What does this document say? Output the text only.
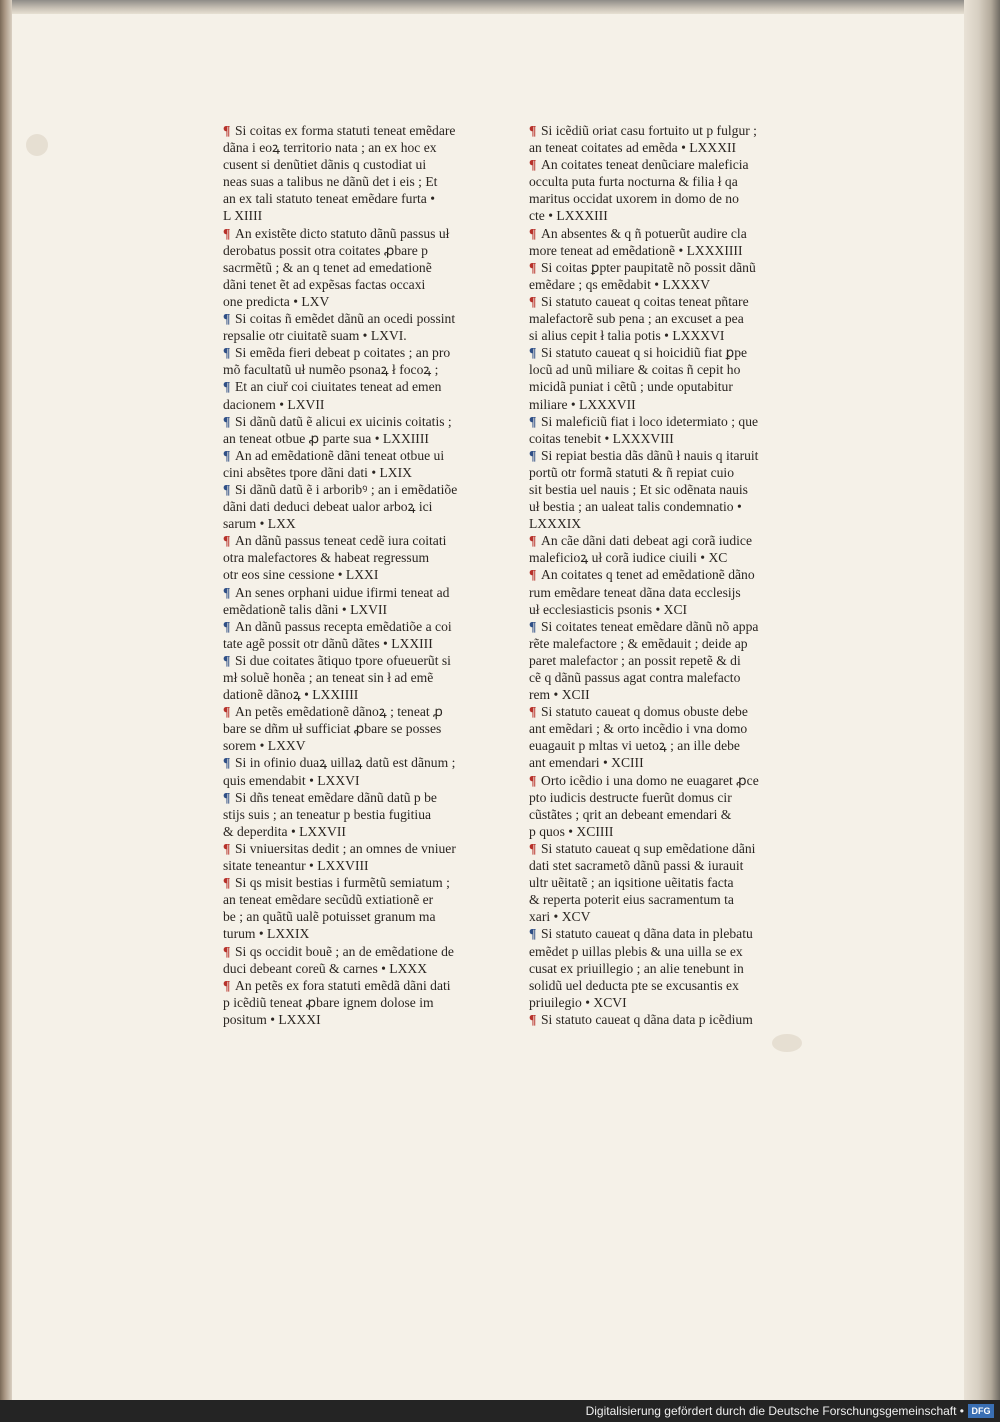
¶ Si coitas ex forma statuti teneat emẽdare
dãna i eoꝝ territorio nata ; an ex hoc ex
cusent si denũtiet dãnis q custodiat ui
neas suas a talibus ne dãnũ det i eis ; Et
an ex tali statuto teneat emẽdare furta •
L XIIII
¶ An existẽte dicto statuto dãnũ passus uł
derobatus possit otra coitates ꝓbare p
sacrmẽtũ ; & an q tenet ad emedationẽ
dãni tenet ẽt ad expẽsas factas occaxi
one predicta • LXV
¶ Si coitas ñ emẽdet dãnũ an ocedi possint
repsalie otr ciuitatẽ suam • LXVI.
¶ Si emẽda fieri debeat p coitates ; an pro
mõ facultatũ uł numẽo psonaꝝ ł focoꝝ ;
¶ Et an ciuř coi ciuitates teneat ad emen
dacionem • LXVII
¶ Si dãnũ datũ ẽ alicui ex uicinis coitatis ;
an teneat otbue ꝓ parte sua • LXXIIII
¶ An ad emẽdationẽ dãni teneat otbue ui
cini absẽtes tpore dãni dati • LXIX
¶ Si dãnũ datũ ẽ i arboribꝰ ; an i emẽdatiõe
dãni dati deduci debeat ualor arboꝝ ici
sarum • LXX
¶ An dãnũ passus teneat cedẽ iura coitati
otra malefactores & habeat regressum
otr eos sine cessione • LXXI
¶ An senes orphani uidue ifirmi teneat ad
emẽdationẽ talis dãni • LXVII
¶ An dãnũ passus recepta emẽdatiõe a coi
tate agẽ possit otr dãnũ dãtes • LXXIII
¶ Si due coitates ãtiquo tpore ofueuerũt si
mł soluẽ honẽa ; an teneat sin ł ad emẽ
dationẽ dãnoꝝ • LXXIIII
¶ An petẽs emẽdationẽ dãnoꝝ ; teneat ꝓ
bare se dñm uł sufficiat ꝓbare se posses
sorem • LXXV
¶ Si in ofinio duaꝝ uillaꝝ datũ est dãnum ;
quis emendabit • LXXVI
¶ Si dñs teneat emẽdare dãnũ datũ p be
stijs suis ; an teneatur p bestia fugitiua
& deperdita • LXXVII
¶ Si vniuersitas dedit ; an omnes de vniuer
sitate teneantur • LXXVIII
¶ Si qs misit bestias i furmẽtũ semiatum ;
an teneat emẽdare secũdũ extiationẽ er
be ; an quãtũ ualẽ potuisset granum ma
turum • LXXIX
¶ Si qs occidit bouẽ ; an de emẽdatione de
duci debeant coreũ & carnes • LXXX
¶ An petẽs ex fora statuti emẽdã dãni dati
p icẽdiũ teneat ꝓbare ignem dolose im
positum • LXXXI
¶ Si icẽdiũ oriat casu fortuito ut p fulgur ;
an teneat coitates ad emẽda • LXXXII
¶ An coitates teneat denũciare maleficia
occulta puta furta nocturna & filia ł qa
maritus occidat uxorem in domo de no
cte • LXXXIII
¶ An absentes & q ñ potuerũt audire cla
more teneat ad emẽdationẽ • LXXXIIII
¶ Si coitas ꝑpter paupitatẽ nõ possit dãnũ
emẽdare ; qs emẽdabit • LXXXV
¶ Si statuto caueat q coitas teneat pñtare
malefactorẽ sub pena ; an excuset a pea
si alius cepit ł talia potis • LXXXVI
¶ Si statuto caueat q si hoicidiũ fiat ꝑpe
locũ ad unũ miliare & coitas ñ cepit ho
micidã puniat i cẽtũ ; unde oputabitur
miliare • LXXXVII
¶ Si maleficiũ fiat i loco idetermiato ; que
coitas tenebit • LXXXVIII
¶ Si repiat bestia dãs dãnũ ł nauis q itaruit
portũ otr formã statuti & ñ repiat cuio
sit bestia uel nauis ; Et sic odẽnata nauis
uł bestia ; an ualeat talis condemnatio •
LXXXIX
¶ An cãe dãni dati debeat agi corã iudice
maleficioꝝ uł corã iudice ciuili • XC
¶ An coitates q tenet ad emẽdationẽ dãno
rum emẽdare teneat dãna data ecclesijs
uł ecclesiasticis psonis • XCI
¶ Si coitates teneat emẽdare dãnũ nõ appa
rẽte malefactore ; & emẽdauit ; deide ap
paret malefactor ; an possit repetẽ & di
cẽ q dãnũ passus agat contra malefacto
rem • XCII
¶ Si statuto caueat q domus obuste debe
ant emẽdari ; & orto incẽdio i vna domo
euagauit p mltas vi uetoꝝ ; an ille debe
ant emendari • XCIII
¶ Orto icẽdio i una domo ne euagaret ꝓce
pto iudicis destructe fuerũt domus cir
cũstãtes ; qrit an debeant emendari &
p quos • XCIIII
¶ Si statuto caueat q sup emẽdatione dãni
dati stet sacrametõ dãnũ passi & iurauit
ultr uẽitatẽ ; an iqsitione uẽitatis facta
& reperta poterit eius sacramentum ta
xari • XCV
¶ Si statuto caueat q dãna data in plebatu
emẽdet p uillas plebis & una uilla se ex
cusat ex priuillegio ; an alie tenebunt in
solidũ uel deducta pte se excusantis ex
priuilegio • XCVI
¶ Si statuto caueat q dãna data p icẽdium
Digitalisierung gefördert durch die Deutsche Forschungsgemeinschaft • DFG
